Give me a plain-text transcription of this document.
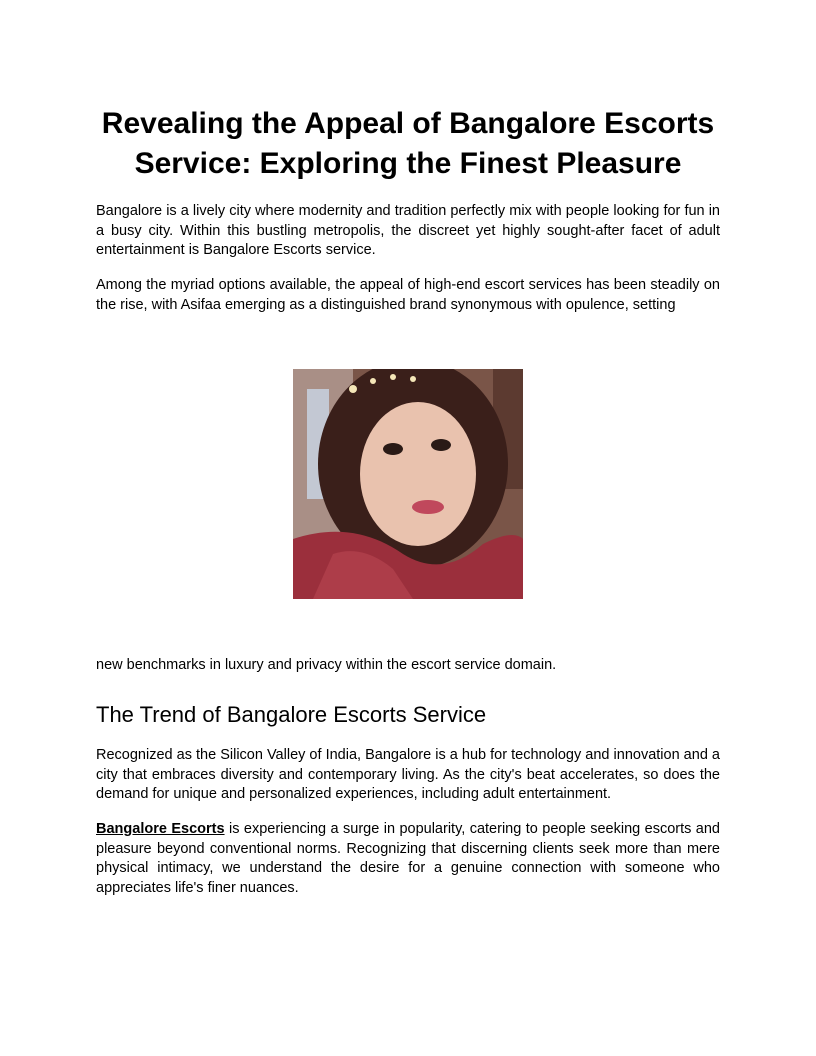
Revealing the Appeal of Bangalore Escorts Service: Exploring the Finest Pleasure

Bangalore is a lively city where modernity and tradition perfectly mix with people looking for fun in a busy city. Within this bustling metropolis, the discreet yet highly sought-after facet of adult entertainment is Bangalore Escorts service.

Among the myriad options available, the appeal of high-end escort services has been steadily on the rise, with Asifaa emerging as a distinguished brand synonymous with opulence, setting

new benchmarks in luxury and privacy within the escort service domain.

The Trend of Bangalore Escorts Service

Recognized as the Silicon Valley of India, Bangalore is a hub for technology and innovation and a city that embraces diversity and contemporary living. As the city's beat accelerates, so does the demand for unique and personalized experiences, including adult entertainment.

Bangalore Escorts is experiencing a surge in popularity, catering to people seeking escorts and pleasure beyond conventional norms. Recognizing that discerning clients seek more than mere physical intimacy, we understand the desire for a genuine connection with someone who appreciates life's finer nuances.
